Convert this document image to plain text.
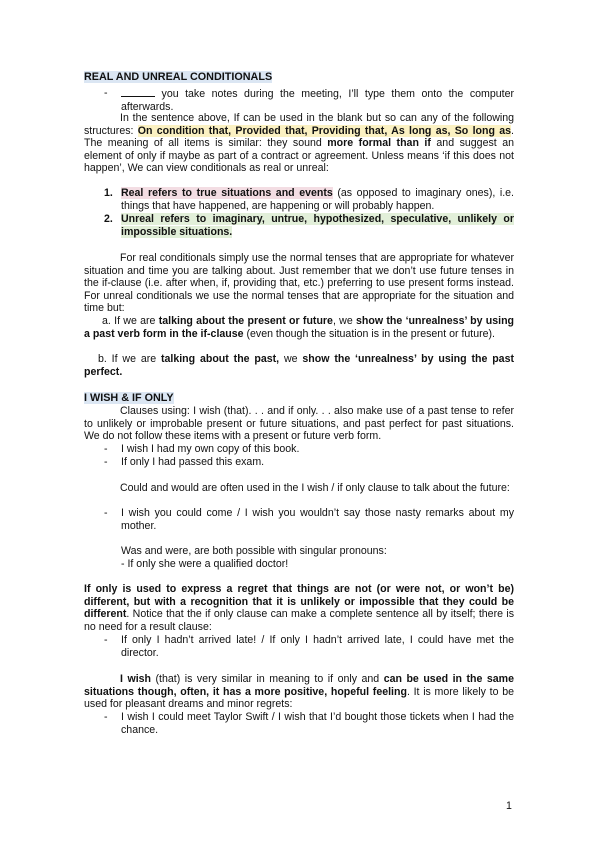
REAL AND UNREAL CONDITIONALS
-	you take notes during the meeting, I’ll type them onto the computer afterwards.
In the sentence above, If can be used in the blank but so can any of the following structures: On condition that, Provided that, Providing that, As long as, So long as. The meaning of all items is similar: they sound more formal than if and suggest an element of only if maybe as part of a contract or agreement. Unless means ‘if this does not happen’, We can view conditionals as real or unreal:
1. Real refers to true situations and events (as opposed to imaginary ones), i.e. things that have happened, are happening or will probably happen.
2. Unreal refers to imaginary, untrue, hypothesized, speculative, unlikely or impossible situations.
For real conditionals simply use the normal tenses that are appropriate for whatever situation and time you are talking about. Just remember that we don’t use future tenses in the if-clause (i.e. after when, if, providing that, etc.) preferring to use present forms instead. For unreal conditionals we use the normal tenses that are appropriate for the situation and time but:
a. If we are talking about the present or future, we show the ‘unrealness’ by using a past verb form in the if-clause (even though the situation is in the present or future).
b. If we are talking about the past, we show the ‘unrealness’ by using the past perfect.
I WISH & IF ONLY
Clauses using: I wish (that). . . and if only. . . also make use of a past tense to refer to unlikely or improbable present or future situations, and past perfect for past situations. We do not follow these items with a present or future verb form.
- I wish I had my own copy of this book.
- If only I had passed this exam.
Could and would are often used in the I wish / if only clause to talk about the future:
- I wish you could come / I wish you wouldn’t say those nasty remarks about my mother.
Was and were, are both possible with singular pronouns:
- If only she were a qualified doctor!
If only is used to express a regret that things are not (or were not, or won’t be) different, but with a recognition that it is unlikely or impossible that they could be different. Notice that the if only clause can make a complete sentence all by itself; there is no need for a result clause:
- If only I hadn’t arrived late! / If only I hadn’t arrived late, I could have met the director.
I wish (that) is very similar in meaning to if only and can be used in the same situations though, often, it has a more positive, hopeful feeling. It is more likely to be used for pleasant dreams and minor regrets:
- I wish I could meet Taylor Swift / I wish that I’d bought those tickets when I had the chance.
1
